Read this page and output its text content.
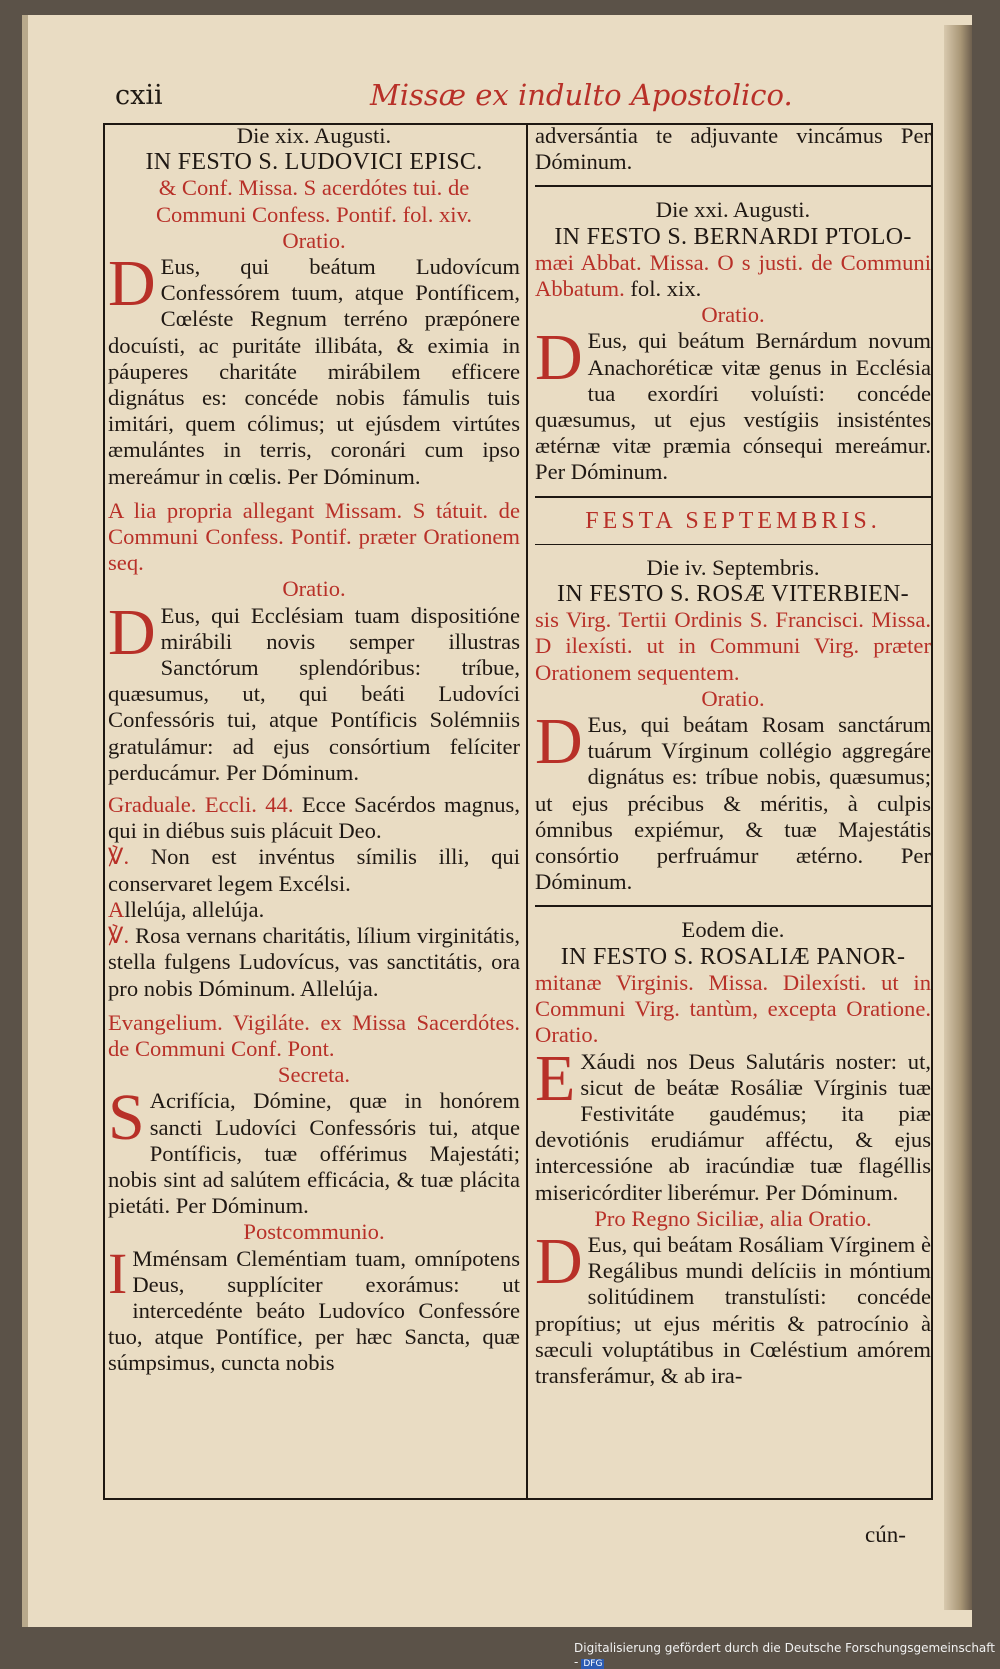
cxii	Missæ ex indulto Apostolico.
Die xix. Augusti.
IN FESTO S. LUDOVICI EPISC.
& Conf. Missa. S acerdótes tui. de
Communi Confess. Pontif. fol. xiv.
Oratio.
D Eus, qui beátum Ludovícum Confessórem tuum, atque Pontíficem, Cœléste Regnum terréno præpónere docuísti, ac puritáte illibáta, & eximia in páuperes charitáte mirábilem efficere dignátus es: concéde nobis fámulis tuis imitári, quem cólimus; ut ejúsdem virtútes æmulántes in terris, coronári cum ipso mereámur in cœlis. Per Dóminum.
A lia propria allegant Missam. S tátuit. de Communi Confess. Pontif. præter Orationem seq.
Oratio.
D Eus, qui Ecclésiam tuam dispositióne mirábili novis semper illustras Sanctórum splendóribus: tríbue, quæsumus, ut, qui beáti Ludovíci Confessóris tui, atque Pontíficis Solémniis gratulámur: ad ejus consórtium felíciter perducámur. Per Dóminum.
Graduale. Eccli. 44. Ecce Sacérdos magnus, qui in diébus suis plácuit Deo.
℣. Non est invéntus símilis illi, qui conservaret legem Excélsi.
Allelúja, allelúja.
℣. Rosa vernans charitátis, lílium virginitátis, stella fulgens Ludovícus, vas sanctitátis, ora pro nobis Dóminum. Allelúja.
Evangelium. Vigiláte. ex Missa Sacerdótes. de Communi Conf. Pont.
Secreta.
S Acrifícia, Dómine, quæ in honórem sancti Ludovíci Confessóris tui, atque Pontíficis, tuæ offérimus Majestáti; nobis sint ad salútem efficácia, & tuæ plácita pietáti. Per Dóminum.
Postcommunio.
I Mménsam Cleméntiam tuam, omnípotens Deus, supplíciter exorámus: ut intercedénte beáto Ludovíco Confessóre tuo, atque Pontífice, per hæc Sancta, quæ súmpsimus, cuncta nobis
adversántia te adjuvante vincámus Per Dóminum.
Die xxi. Augusti.
IN FESTO S. BERNARDI PTOLO-
mæi Abbat. Missa. O s justi. de Communi Abbatum. fol. xix.
Oratio.
D Eus, qui beátum Bernárdum novum Anachoréticæ vitæ genus in Ecclésia tua exordíri voluísti: concéde quæsumus, ut ejus vestígiis insisténtes ætérnæ vitæ præmia cónsequi mereámur. Per Dóminum.
FESTA SEPTEMBRIS.
Die iv. Septembris.
IN FESTO S. ROSÆ VITERBIEN-
sis Virg. Tertii Ordinis S. Francisci. Missa. D ilexísti. ut in Communi Virg. præter Orationem sequentem.
Oratio.
D Eus, qui beátam Rosam sanctárum tuárum Vírginum collégio aggregáre dignátus es: tríbue nobis, quæsumus; ut ejus précibus & méritis, à culpis ómnibus expiémur, & tuæ Majestátis consórtio perfruámur ætérno. Per Dóminum.
Eodem die.
IN FESTO S. ROSALIÆ PANOR-
mitanæ Virginis. Missa. Dilexísti. ut in Communi Virg. tantùm, excepta Oratione. Oratio.
E Xáudi nos Deus Salutáris noster: ut, sicut de beátæ Rosáliæ Vírginis tuæ Festivitáte gaudémus; ita piæ devotiónis erudiámur afféctu, & ejus intercessióne ab iracúndiæ tuæ flagéllis misericórditer liberémur. Per Dóminum.
Pro Regno Siciliæ, alia Oratio.
D Eus, qui beátam Rosáliam Vírginem è Regálibus mundi delíciis in móntium solitúdinem transtulísti: concéde propítius; ut ejus méritis & patrocínio à sæculi voluptátibus in Cœléstium amórem transferámur, & ab ira-
cún-
Digitalisierung gefördert durch die Deutsche Forschungsgemeinschaft - DFG
